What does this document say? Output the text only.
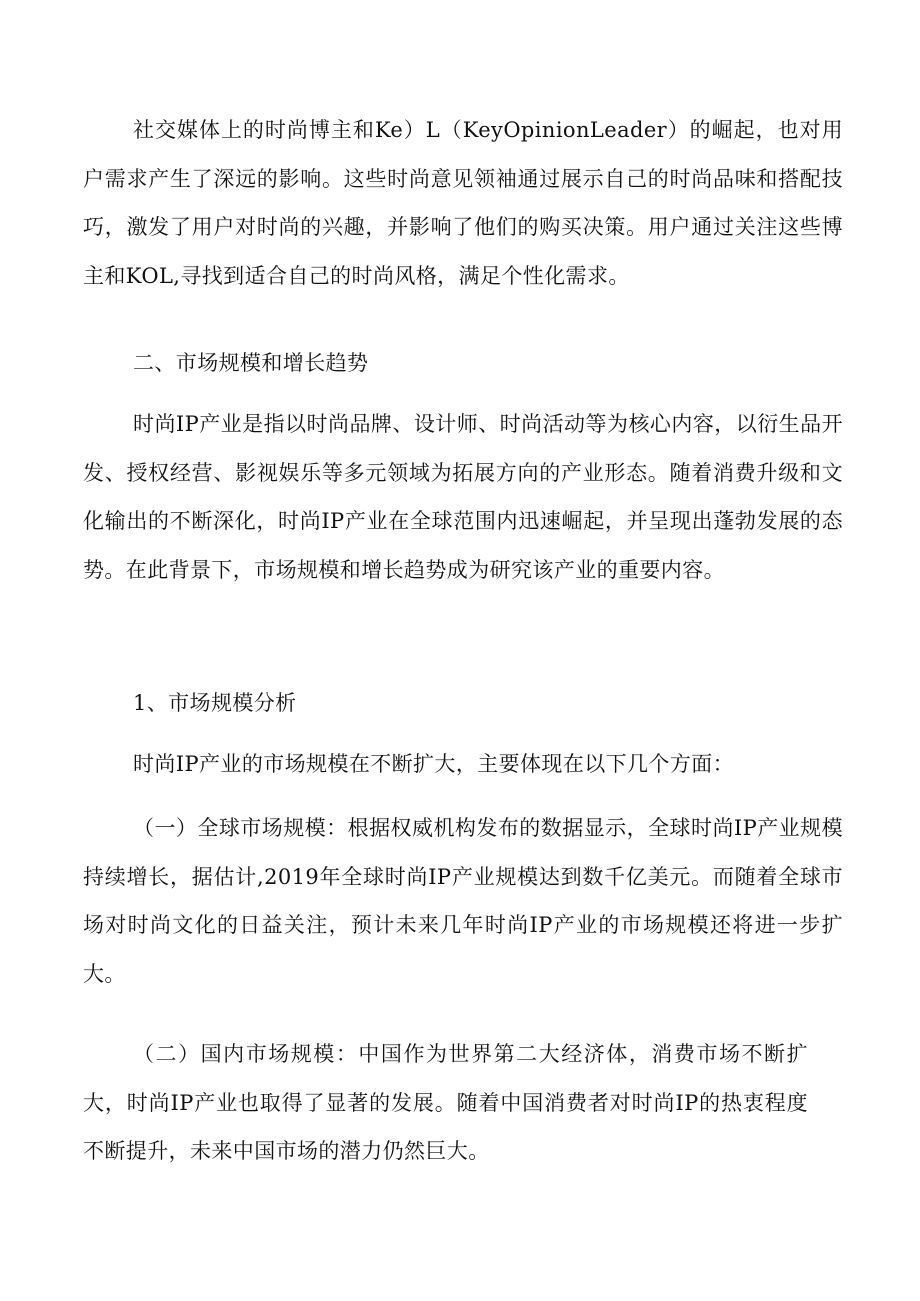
社交媒体上的时尚博主和Ke）L（KeyOpinionLeader）的崛起，也对用户需求产生了深远的影响。这些时尚意见领袖通过展示自己的时尚品味和搭配技巧，激发了用户对时尚的兴趣，并影响了他们的购买决策。用户通过关注这些博主和KOL,寻找到适合自己的时尚风格，满足个性化需求。

二、市场规模和增长趋势

时尚IP产业是指以时尚品牌、设计师、时尚活动等为核心内容，以衍生品开发、授权经营、影视娱乐等多元领域为拓展方向的产业形态。随着消费升级和文化输出的不断深化，时尚IP产业在全球范围内迅速崛起，并呈现出蓬勃发展的态势。在此背景下，市场规模和增长趋势成为研究该产业的重要内容。

1、市场规模分析

时尚IP产业的市场规模在不断扩大，主要体现在以下几个方面：

（一）全球市场规模：根据权威机构发布的数据显示，全球时尚IP产业规模持续增长，据估计,2019年全球时尚IP产业规模达到数千亿美元。而随着全球市场对时尚文化的日益关注，预计未来几年时尚IP产业的市场规模还将进一步扩大。

（二）国内市场规模：中国作为世界第二大经济体，消费市场不断扩大，时尚IP产业也取得了显著的发展。随着中国消费者对时尚IP的热衷程度不断提升，未来中国市场的潜力仍然巨大。
